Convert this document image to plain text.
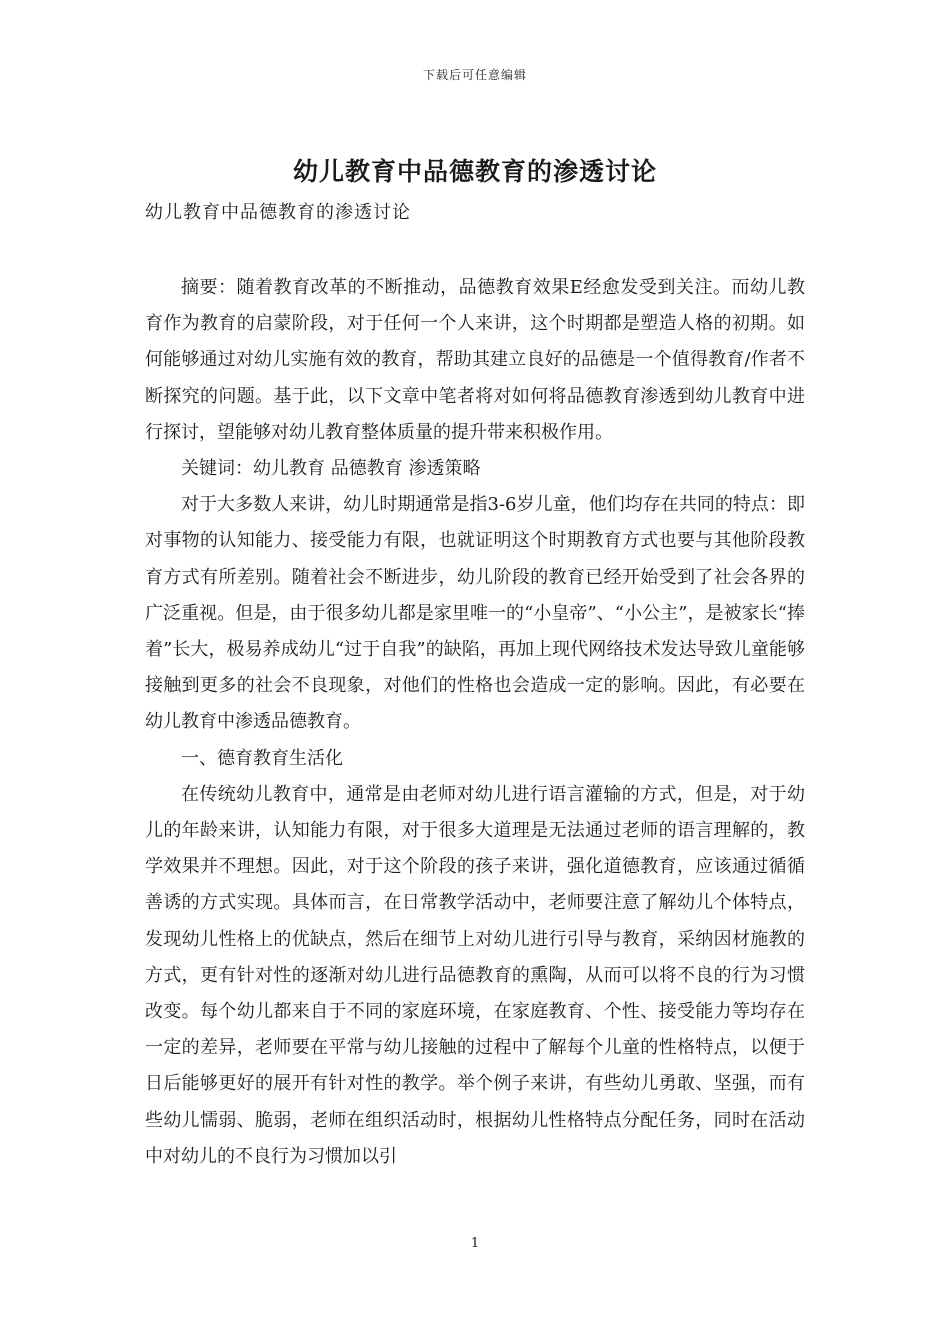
下载后可任意编辑
幼儿教育中品德教育的渗透讨论

幼儿教育中品德教育的渗透讨论

摘要：随着教育改革的不断推动，品德教育效果E经愈发受到关注。而幼儿教育作为教育的启蒙阶段，对于任何一个人来讲，这个时期都是塑造人格的初期。如何能够通过对幼儿实施有效的教育，帮助其建立良好的品德是一个值得教育/作者不断探究的问题。基于此，以下文章中笔者将对如何将品德教育渗透到幼儿教育中进行探讨，望能够对幼儿教育整体质量的提升带来积极作用。

关键词：幼儿教育 品德教育 渗透策略

对于大多数人来讲，幼儿时期通常是指3-6岁儿童，他们均存在共同的特点：即对事物的认知能力、接受能力有限，也就证明这个时期教育方式也要与其他阶段教育方式有所差别。随着社会不断进步，幼儿阶段的教育已经开始受到了社会各界的广泛重视。但是，由于很多幼儿都是家里唯一的“小皇帝”、“小公主”，是被家长“捧着”长大，极易养成幼儿“过于自我”的缺陷，再加上现代网络技术发达导致儿童能够接触到更多的社会不良现象，对他们的性格也会造成一定的影响。因此，有必要在幼儿教育中渗透品德教育。

一、德育教育生活化

在传统幼儿教育中，通常是由老师对幼儿进行语言灌输的方式，但是，对于幼儿的年龄来讲，认知能力有限，对于很多大道理是无法通过老师的语言理解的，教学效果并不理想。因此，对于这个阶段的孩子来讲，强化道德教育，应该通过循循善诱的方式实现。具体而言，在日常教学活动中，老师要注意了解幼儿个体特点，发现幼儿性格上的优缺点，然后在细节上对幼儿进行引导与教育，采纳因材施教的方式，更有针对性的逐渐对幼儿进行品德教育的熏陶，从而可以将不良的行为习惯改变。每个幼儿都来自于不同的家庭环境，在家庭教育、个性、接受能力等均存在一定的差异，老师要在平常与幼儿接触的过程中了解每个儿童的性格特点，以便于日后能够更好的展开有针对性的教学。举个例子来讲，有些幼儿勇敢、坚强，而有些幼儿懦弱、脆弱，老师在组织活动时，根据幼儿性格特点分配任务，同时在活动中对幼儿的不良行为习惯加以引

1
